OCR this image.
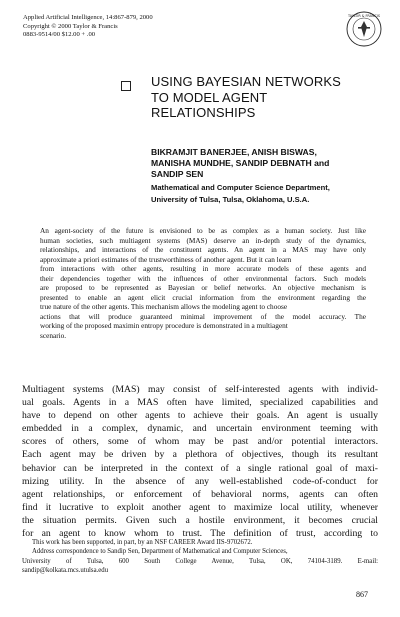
Applied Artificial Intelligence, 14:867-879, 2000
Copyright © 2000 Taylor & Francis
0883-9514/00 $12.00 + .00
TAYLOR & FRANCIS
USING BAYESIAN NETWORKS
TO MODEL AGENT
RELATIONSHIPS
BIKRAMJIT BANERJEE, ANISH BISWAS,
MANISHA MUNDHE, SANDIP DEBNATH and
SANDIP SEN
Mathematical and Computer Science Department,
University of Tulsa, Tulsa, Oklahoma, U.S.A.
An agent-society of the future is envisioned to be as complex as a human society. Just like
human societies, such multiagent systems (MAS) deserve an in-depth study of the dynamics,
relationships, and interactions of the constituent agents. An agent in a MAS may have only
approximate a priori estimates of the trustworthiness of another agent. But it can learn
from interactions with other agents, resulting in more accurate models of these agents and
their dependencies together with the influences of other environmental factors. Such models
are proposed to be represented as Bayesian or belief networks. An objective mechanism is
presented to enable an agent elicit crucial information from the environment regarding the
true nature of the other agents. This mechanism allows the modeling agent to choose
actions that will produce guaranteed minimal improvement of the model accuracy. The
working of the proposed maximin entropy procedure is demonstrated in a multiagent
scenario.
Multiagent systems (MAS) may consist of self-interested agents with individ-
ual goals. Agents in a MAS often have limited, specialized capabilities and
have to depend on other agents to achieve their goals. An agent is usually
embedded in a complex, dynamic, and uncertain environment teeming with
scores of others, some of whom may be past and/or potential interactors.
Each agent may be driven by a plethora of objectives, though its resultant
behavior can be interpreted in the context of a single rational goal of maxi-
mizing utility. In the absence of any well-established code-of-conduct for
agent relationships, or enforcement of behavioral norms, agents can often
find it lucrative to exploit another agent to maximize local utility, whenever
the situation permits. Given such a hostile environment, it becomes crucial
for an agent to know whom to trust. The definition of trust, according to
This work has been supported, in part, by an NSF CAREER Award IIS-9702672.
Address correspondence to Sandip Sen, Department of Mathematical and Computer Sciences,
University of Tulsa, 600 South College Avenue, Tulsa, OK, 74104-3189. E-mail:
sandip@kolkata.mcs.utulsa.edu
867
